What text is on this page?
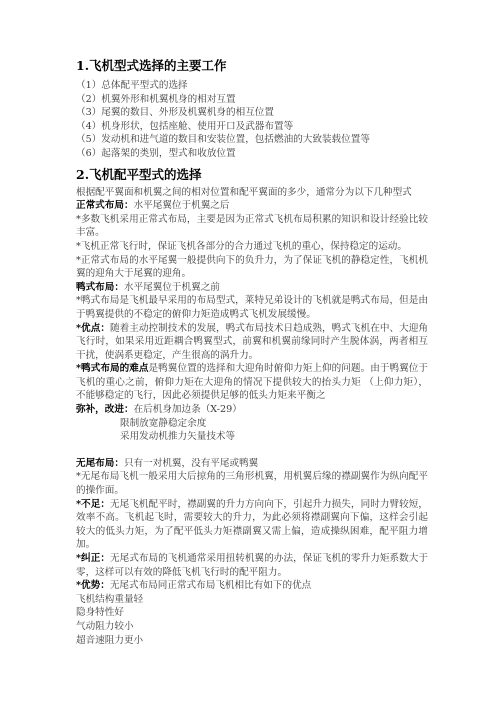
1.飞机型式选择的主要工作

（1）总体配平型式的选择

（2）机翼外形和机翼机身的相对互置

（3）尾翼的数目、外形及机翼机身的相互位置

（4）机身形状，包括座舱、使用开口及武器布置等

（5）发动机和进气道的数目和安装位置，包括燃油的大致装载位置等

（6）起落架的类别，型式和收放位置

2.飞机配平型式的选择

根据配平翼面和机翼之间的相对位置和配平翼面的多少，通常分为以下几种型式

正常式布局：水平尾翼位于机翼之后

*多数飞机采用正常式布局，主要是因为正常式飞机布局积累的知识和设计经验比较丰富。

*飞机正常飞行时，保证飞机各部分的合力通过飞机的重心，保持稳定的运动。

*正常式布局的水平尾翼一般提供向下的负升力，为了保证飞机的静稳定性，飞机机翼的迎角大于尾翼的迎角。

鸭式布局：水平尾翼位于机翼之前

*鸭式布局是飞机最早采用的布局型式，莱特兄弟设计的飞机就是鸭式布局，但是由于鸭翼提供的不稳定的俯仰力矩造成鸭式飞机发展缓慢。

*优点：随着主动控制技术的发展，鸭式布局技术日趋成熟，鸭式飞机在中、大迎角飞行时，如果采用近距耦合鸭翼型式，前翼和机翼前缘同时产生脱体涡，两者相互干扰，使涡系更稳定，产生很高的涡升力。

*鸭式布局的难点是鸭翼位置的选择和大迎角时俯仰力矩上仰的问题。由于鸭翼位于飞机的重心之前，俯仰力矩在大迎角的情况下提供较大的抬头力矩 （上仰力矩），不能够稳定的飞行，因此必须提供足够的低头力矩来平衡之

弥补，改进：在后机身加边条（X-29）

限制放宽静稳定余度

采用发动机推力矢量技术等

无尾布局：只有一对机翼，没有平尾或鸭翼

*无尾布局飞机一般采用大后掠角的三角形机翼，用机翼后缘的襟副翼作为纵向配平的操作面。

*不足：无尾飞机配平时，襟副翼的升力方向向下，引起升力损失，同时力臂较短，效率不高。飞机起飞时，需要较大的升力，为此必须将襟副翼向下偏，这样会引起较大的低头力矩，为了配平低头力矩襟副翼又需上偏，造成操纵困难，配平阻力增加。

*纠正：无尾式布局的飞机通常采用扭转机翼的办法，保证飞机的零升力矩系数大于零，这样可以有效的降低飞机飞行时的配平阻力。

*优势：无尾式布局同正常式布局飞机相比有如下的优点

飞机结构重量轻

隐身特性好

气动阻力较小

超音速阻力更小
